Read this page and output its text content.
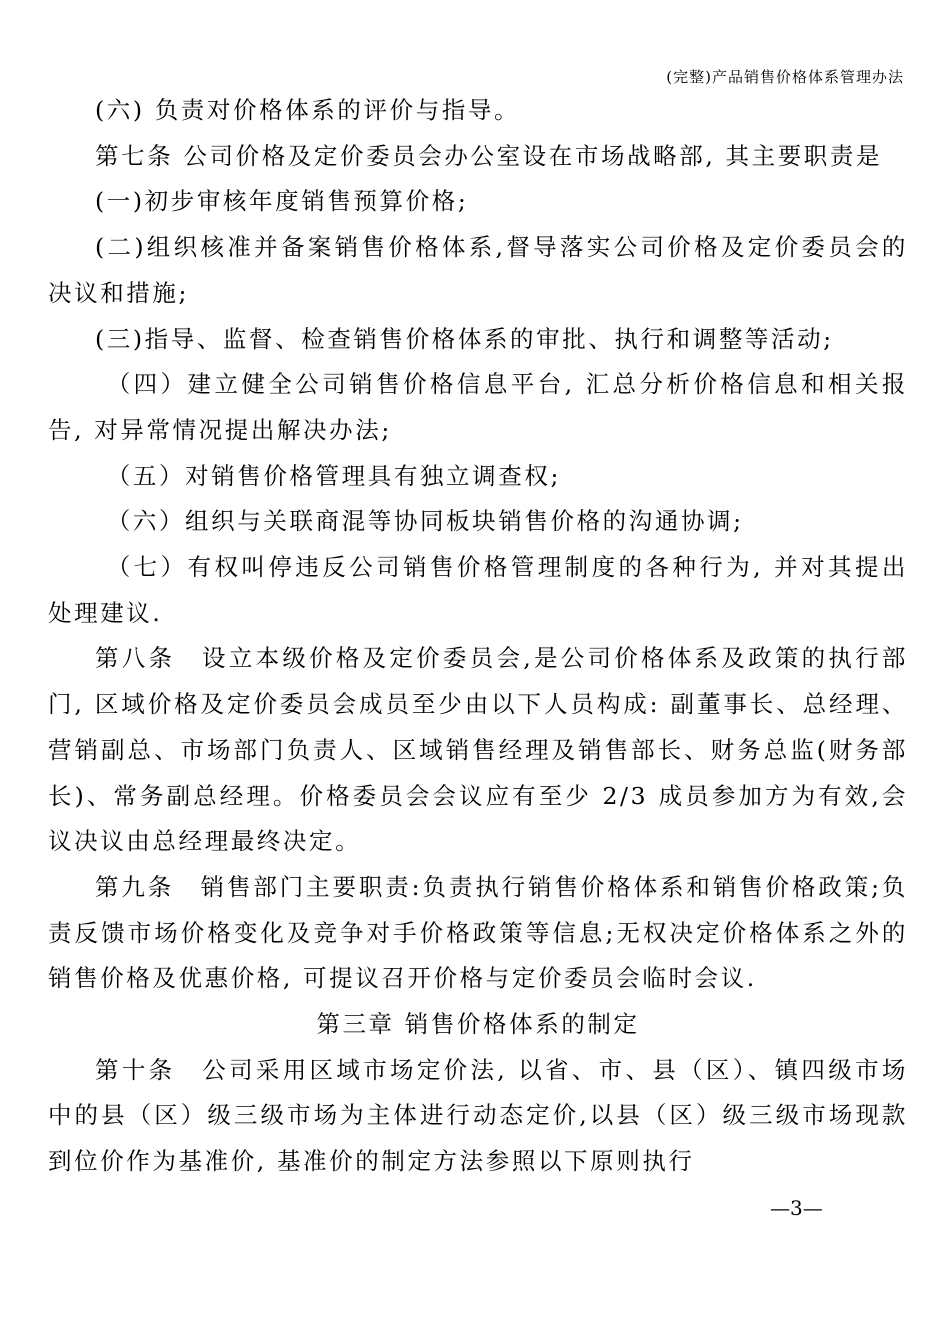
(完整)产品销售价格体系管理办法

(六) 负责对价格体系的评价与指导。

第七条 公司价格及定价委员会办公室设在市场战略部, 其主要职责是

(一)初步审核年度销售预算价格;

(二)组织核准并备案销售价格体系,督导落实公司价格及定价委员会的决议和措施;

(三)指导、监督、检查销售价格体系的审批、执行和调整等活动;

（四）建立健全公司销售价格信息平台, 汇总分析价格信息和相关报告, 对异常情况提出解决办法;

（五）对销售价格管理具有独立调查权;

（六）组织与关联商混等协同板块销售价格的沟通协调;

（七）有权叫停违反公司销售价格管理制度的各种行为, 并对其提出处理建议.

第八条　设立本级价格及定价委员会,是公司价格体系及政策的执行部门, 区域价格及定价委员会成员至少由以下人员构成: 副董事长、总经理、营销副总、市场部门负责人、区域销售经理及销售部长、财务总监(财务部长)、常务副总经理。价格委员会会议应有至少 2/3 成员参加方为有效,会议决议由总经理最终决定。

第九条　销售部门主要职责:负责执行销售价格体系和销售价格政策;负责反馈市场价格变化及竞争对手价格政策等信息;无权决定价格体系之外的销售价格及优惠价格, 可提议召开价格与定价委员会临时会议.

第三章 销售价格体系的制定

第十条　公司采用区域市场定价法, 以省、市、县（区）、镇四级市场中的县（区）级三级市场为主体进行动态定价,以县（区）级三级市场现款到位价作为基准价, 基准价的制定方法参照以下原则执行

—3—
